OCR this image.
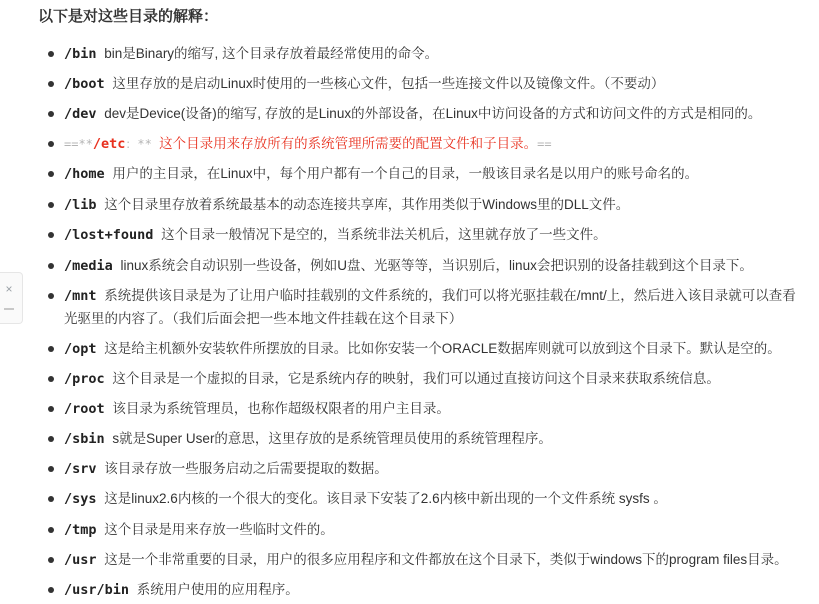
×
以下是对这些目录的解释：
/bin bin是Binary的缩写, 这个目录存放着最经常使用的命令。
/boot 这里存放的是启动Linux时使用的一些核心文件，包括一些连接文件以及镜像文件。（不要动）
/dev dev是Device(设备)的缩写, 存放的是Linux的外部设备，在Linux中访问设备的方式和访问文件的方式是相同的。
==**/etc：** 这个目录用来存放所有的系统管理所需要的配置文件和子目录。==
/home 用户的主目录，在Linux中，每个用户都有一个自己的目录，一般该目录名是以用户的账号命名的。
/lib 这个目录里存放着系统最基本的动态连接共享库，其作用类似于Windows里的DLL文件。
/lost+found 这个目录一般情况下是空的，当系统非法关机后，这里就存放了一些文件。
/media linux系统会自动识别一些设备，例如U盘、光驱等等，当识别后，linux会把识别的设备挂载到这个目录下。
/mnt 系统提供该目录是为了让用户临时挂载别的文件系统的，我们可以将光驱挂载在/mnt/上，然后进入该目录就可以查看
光驱里的内容了。（我们后面会把一些本地文件挂载在这个目录下）
/opt 这是给主机额外安装软件所摆放的目录。比如你安装一个ORACLE数据库则就可以放到这个目录下。默认是空的。
/proc 这个目录是一个虚拟的目录，它是系统内存的映射，我们可以通过直接访问这个目录来获取系统信息。
/root 该目录为系统管理员，也称作超级权限者的用户主目录。
/sbin s就是Super User的意思，这里存放的是系统管理员使用的系统管理程序。
/srv 该目录存放一些服务启动之后需要提取的数据。
/sys 这是linux2.6内核的一个很大的变化。该目录下安装了2.6内核中新出现的一个文件系统 sysfs 。
/tmp 这个目录是用来存放一些临时文件的。
/usr 这是一个非常重要的目录，用户的很多应用程序和文件都放在这个目录下，类似于windows下的program files目录。
/usr/bin 系统用户使用的应用程序。
